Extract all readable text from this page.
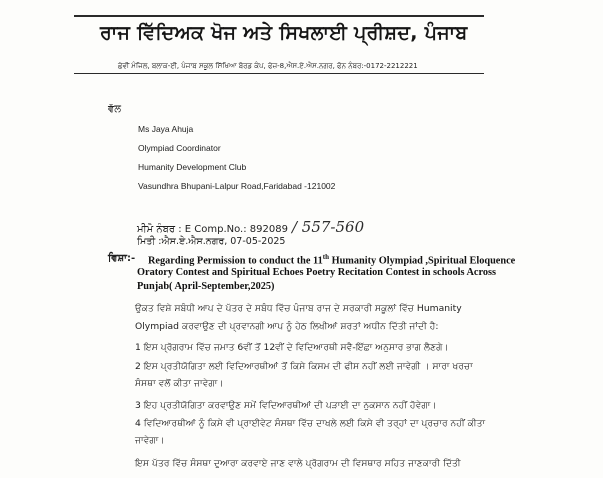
ਰਾਜ ਵਿੱਦਿਅਕ ਖੋਜ ਅਤੇ ਸਿਖਲਾਈ ਪ੍ਰੀਸ਼ਦ, ਪੰਜਾਬ
ਛੇਵੀਂ ਮੰਜਿਲ, ਬਲਾਕ-ਈ, ਪੰਜਾਬ ਸਕੂਲ ਸਿੱਖਿਆ ਬੋਰਡ ਕੰਪ, ਫੇਜ਼-8,ਐਸ.ਏ.ਐਸ.ਨਗਰ, ਫੋਨ ਨੰਬਰ:-0172-2212221
ਵੱਲ
Ms Jaya Ahuja
Olympiad Coordinator
Humanity Development Club
Vasundhra Bhupani-Lalpur Road,Faridabad -121002
ਮੀਮੋ ਨੰਬਰ : E Comp.No.: 892089 / 557-560
ਮਿਤੀ :ਐਸ.ਏ.ਐਸ.ਨਗਰ, 07-05-2025
ਵਿਸ਼ਾ:- Regarding Permission to conduct the 11th Humanity Olympiad ,Spiritual Eloquence
Oratory Contest and Spiritual Echoes Poetry Recitation Contest in schools Across
Punjab( April-September,2025)
ਉਕਤ ਵਿਸ਼ੇ ਸਬੰਧੀ ਆਪ ਦੇ ਪੱਤਰ ਦੇ ਸਬੰਧ ਵਿੱਚ ਪੰਜਾਬ ਰਾਜ ਦੇ ਸਰਕਾਰੀ ਸਕੂਲਾਂ ਵਿੱਚ Humanity
Olympiad ਕਰਵਾਉਣ ਦੀ ਪ੍ਰਵਾਨਗੀ ਆਪ ਨੂੰ ਹੇਠ ਲਿਖੀਆਂ ਸ਼ਰਤਾਂ ਅਧੀਨ ਦਿੱਤੀ ਜਾਂਦੀ ਹੈ:
1 ਇਸ ਪ੍ਰੋਗਰਾਮ ਵਿੱਚ ਜਮਾਤ 6ਵੀਂ ਤੋਂ 12ਵੀਂ ਦੇ ਵਿਦਿਆਰਥੀ ਸਵੈ-ਇੱਛਾ ਅਨੁਸਾਰ ਭਾਗ ਲੈਣਗੇ।
2 ਇਸ ਪ੍ਰਤੀਯੋਗਿਤਾ ਲਈ ਵਿਦਿਆਰਥੀਆਂ ਤੋਂ ਕਿਸੇ ਕਿਸਮ ਦੀ ਫੀਸ ਨਹੀਂ ਲਈ ਜਾਵੇਗੀ । ਸਾਰਾ ਖਰਚਾ
ਸੰਸਥਾ ਵਲੋਂ ਕੀਤਾ ਜਾਵੇਗਾ।
3 ਇਹ ਪ੍ਰਤੀਯੋਗਿਤਾ ਕਰਵਾਉਣ ਸਮੇਂ ਵਿਦਿਆਰਥੀਆਂ ਦੀ ਪੜਾਈ ਦਾ ਨੁਕਸਾਨ ਨਹੀਂ ਹੋਵੇਗਾ।
4 ਵਿਦਿਆਰਥੀਆਂ ਨੂੰ ਕਿਸੇ ਵੀ ਪ੍ਰਾਈਵੇਟ ਸੰਸਥਾ ਵਿੱਚ ਦਾਖਲੇ ਲਈ ਕਿਸੇ ਵੀ ਤਰ੍ਹਾਂ ਦਾ ਪ੍ਰਚਾਰ ਨਹੀਂ ਕੀਤਾ
ਜਾਵੇਗਾ।
ਇਸ ਪੱਤਰ ਵਿੱਚ ਸੰਸਥਾ ਦੁਆਰਾ ਕਰਵਾਏ ਜਾਣ ਵਾਲੇ ਪ੍ਰੋਗਰਾਮ ਦੀ ਵਿਸਥਾਰ ਸਹਿਤ ਜਾਣਕਾਰੀ ਦਿੱਤੀ
